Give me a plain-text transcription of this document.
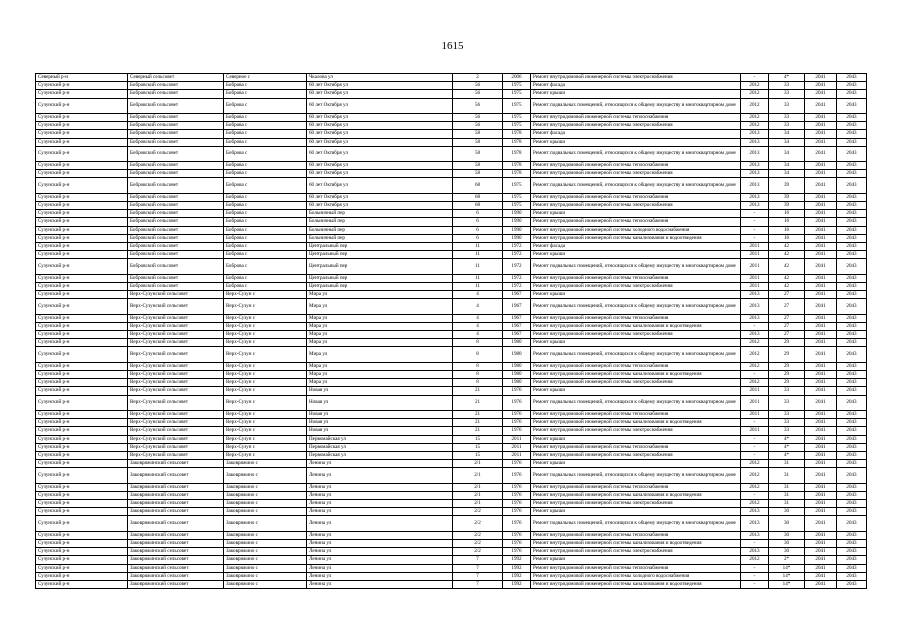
1615
Северный р-н	Северный сельсовет	Северное с	Чкалова ул	2	2006	Ремонт внутридомовой инженерной системы электроснабжения	-	4*	2041	2043
Сузунский р-н	Бобровский сельсовет	Боброва с	60 лет Октября ул	56	1975	Ремонт фасада	2012	33	2041	2043
Сузунский р-н	Бобровский сельсовет	Боброва с	60 лет Октября ул	56	1975	Ремонт крыши	2012	33	2041	2043
Сузунский р-н	Бобровский сельсовет	Боброва с	60 лет Октября ул	56	1975	Ремонт подвальных помещений, относящихся к общему имуществу в многоквартирном доме	2012	33	2041	2043
Сузунский р-н	Бобровский сельсовет	Боброва с	60 лет Октября ул	56	1975	Ремонт внутридомовой инженерной системы теплоснабжения	2012	33	2041	2043
Сузунский р-н	Бобровский сельсовет	Боброва с	60 лет Октября ул	56	1975	Ремонт внутридомовой инженерной системы электроснабжения	2012	33	2041	2043
Сузунский р-н	Бобровский сельсовет	Боброва с	60 лет Октября ул	58	1978	Ремонт фасада	2013	34	2041	2043
Сузунский р-н	Бобровский сельсовет	Боброва с	60 лет Октября ул	58	1978	Ремонт крыши	2013	34	2041	2043
Сузунский р-н	Бобровский сельсовет	Боброва с	60 лет Октября ул	58	1978	Ремонт подвальных помещений, относящихся к общему имуществу в многоквартирном доме	2013	34	2041	2043
Сузунский р-н	Бобровский сельсовет	Боброва с	60 лет Октября ул	58	1978	Ремонт внутридомовой инженерной системы теплоснабжения	2013	34	2041	2043
Сузунский р-н	Бобровский сельсовет	Боброва с	60 лет Октября ул	58	1978	Ремонт внутридомовой инженерной системы электроснабжения	2013	34	2041	2043
Сузунский р-н	Бобровский сельсовет	Боброва с	60 лет Октября ул	68	1975	Ремонт подвальных помещений, относящихся к общему имуществу в многоквартирном доме	2013	39	2041	2043
Сузунский р-н	Бобровский сельсовет	Боброва с	60 лет Октября ул	68	1975	Ремонт внутридомовой инженерной системы теплоснабжения	2013	39	2041	2043
Сузунский р-н	Бобровский сельсовет	Боброва с	60 лет Октября ул	68	1975	Ремонт внутридомовой инженерной системы электроснабжения	2013	39	2041	2043
Сузунский р-н	Бобровский сельсовет	Боброва с	Больничный пер	6	1990	Ремонт крыши	-	16	2041	2043
Сузунский р-н	Бобровский сельсовет	Боброва с	Больничный пер	6	1990	Ремонт внутридомовой инженерной системы теплоснабжения	-	16	2041	2043
Сузунский р-н	Бобровский сельсовет	Боброва с	Больничный пер	6	1990	Ремонт внутридомовой инженерной системы холодного водоснабжения	-	16	2041	2043
Сузунский р-н	Бобровский сельсовет	Боброва с	Больничный пер	6	1990	Ремонт внутридомовой инженерной системы канализования и водоотведения	-	16	2041	2043
Сузунский р-н	Бобровский сельсовет	Боброва с	Центральный пер	11	1972	Ремонт фасада	2011	42	2041	2043
Сузунский р-н	Бобровский сельсовет	Боброва с	Центральный пер	11	1972	Ремонт крыши	2011	42	2041	2043
Сузунский р-н	Бобровский сельсовет	Боброва с	Центральный пер	11	1972	Ремонт подвальных помещений, относящихся к общему имуществу в многоквартирном доме	2011	42	2041	2043
Сузунский р-н	Бобровский сельсовет	Боброва с	Центральный пер	11	1972	Ремонт внутридомовой инженерной системы теплоснабжения	2011	42	2041	2043
Сузунский р-н	Бобровский сельсовет	Боброва с	Центральный пер	11	1972	Ремонт внутридомовой инженерной системы электроснабжения	2011	42	2041	2043
Сузунский р-н	Верх-Сузунский сельсовет	Верх-Сузун с	Мира ул	4	1967	Ремонт крыши	2013	27	2041	2043
Сузунский р-н	Верх-Сузунский сельсовет	Верх-Сузун с	Мира ул	4	1967	Ремонт подвальных помещений, относящихся к общему имуществу в многоквартирном доме	2013	27	2041	2043
Сузунский р-н	Верх-Сузунский сельсовет	Верх-Сузун с	Мира ул	4	1967	Ремонт внутридомовой инженерной системы теплоснабжения	2013	27	2041	2043
Сузунский р-н	Верх-Сузунский сельсовет	Верх-Сузун с	Мира ул	4	1967	Ремонт внутридомовой инженерной системы канализования и водоотведения	-	27	2041	2043
Сузунский р-н	Верх-Сузунский сельсовет	Верх-Сузун с	Мира ул	4	1967	Ремонт внутридомовой инженерной системы электроснабжения	2013	27	2041	2043
Сузунский р-н	Верх-Сузунский сельсовет	Верх-Сузун с	Мира ул	8	1980	Ремонт крыши	2012	29	2041	2043
Сузунский р-н	Верх-Сузунский сельсовет	Верх-Сузун с	Мира ул	8	1980	Ремонт подвальных помещений, относящихся к общему имуществу в многоквартирном доме	2012	29	2041	2043
Сузунский р-н	Верх-Сузунский сельсовет	Верх-Сузун с	Мира ул	8	1980	Ремонт внутридомовой инженерной системы теплоснабжения	2012	29	2041	2043
Сузунский р-н	Верх-Сузунский сельсовет	Верх-Сузун с	Мира ул	8	1980	Ремонт внутридомовой инженерной системы канализования и водоотведения	-	29	2041	2043
Сузунский р-н	Верх-Сузунский сельсовет	Верх-Сузун с	Мира ул	8	1980	Ремонт внутридомовой инженерной системы электроснабжения	2012	29	2041	2043
Сузунский р-н	Верх-Сузунский сельсовет	Верх-Сузун с	Новая ул	21	1976	Ремонт крыши	2011	33	2041	2043
Сузунский р-н	Верх-Сузунский сельсовет	Верх-Сузун с	Новая ул	21	1976	Ремонт подвальных помещений, относящихся к общему имуществу в многоквартирном доме	2011	33	2041	2043
Сузунский р-н	Верх-Сузунский сельсовет	Верх-Сузун с	Новая ул	21	1976	Ремонт внутридомовой инженерной системы теплоснабжения	2011	33	2041	2043
Сузунский р-н	Верх-Сузунский сельсовет	Верх-Сузун с	Новая ул	21	1976	Ремонт внутридомовой инженерной системы канализования и водоотведения	-	33	2041	2043
Сузунский р-н	Верх-Сузунский сельсовет	Верх-Сузун с	Новая ул	21	1976	Ремонт внутридомовой инженерной системы электроснабжения	2011	33	2041	2043
Сузунский р-н	Верх-Сузунский сельсовет	Верх-Сузун с	Первомайская ул	15	2011	Ремонт крыши	-	4*	2041	2043
Сузунский р-н	Верх-Сузунский сельсовет	Верх-Сузун с	Первомайская ул	15	2011	Ремонт внутридомовой инженерной системы теплоснабжения	-	4*	2041	2043
Сузунский р-н	Верх-Сузунский сельсовет	Верх-Сузун с	Первомайская ул	15	2011	Ремонт внутридомовой инженерной системы электроснабжения	-	4*	2041	2043
Сузунский р-н	Заковряжинский сельсовет	Заковряжино с	Ленина ул	2/1	1976	Ремонт крыши	2012	31	2041	2043
Сузунский р-н	Заковряжинский сельсовет	Заковряжино с	Ленина ул	2/1	1976	Ремонт подвальных помещений, относящихся к общему имуществу в многоквартирном доме	2012	31	2041	2043
Сузунский р-н	Заковряжинский сельсовет	Заковряжино с	Ленина ул	2/1	1976	Ремонт внутридомовой инженерной системы теплоснабжения	2012	31	2041	2043
Сузунский р-н	Заковряжинский сельсовет	Заковряжино с	Ленина ул	2/1	1976	Ремонт внутридомовой инженерной системы канализования и водоотведения	-	31	2041	2043
Сузунский р-н	Заковряжинский сельсовет	Заковряжино с	Ленина ул	2/1	1976	Ремонт внутридомовой инженерной системы электроснабжения	2012	31	2041	2043
Сузунский р-н	Заковряжинский сельсовет	Заковряжино с	Ленина ул	2/2	1976	Ремонт крыши	2013	30	2041	2043
Сузунский р-н	Заковряжинский сельсовет	Заковряжино с	Ленина ул	2/2	1976	Ремонт подвальных помещений, относящихся к общему имуществу в многоквартирном доме	2013	30	2041	2043
Сузунский р-н	Заковряжинский сельсовет	Заковряжино с	Ленина ул	2/2	1976	Ремонт внутридомовой инженерной системы теплоснабжения	2013	30	2041	2043
Сузунский р-н	Заковряжинский сельсовет	Заковряжино с	Ленина ул	2/2	1976	Ремонт внутридомовой инженерной системы канализования и водоотведения	-	30	2041	2043
Сузунский р-н	Заковряжинский сельсовет	Заковряжино с	Ленина ул	2/2	1976	Ремонт внутридомовой инженерной системы электроснабжения	2013	30	2041	2043
Сузунский р-н	Заковряжинский сельсовет	Заковряжино с	Ленина ул	7	1992	Ремонт крыши	2012	2*	2041	2043
Сузунский р-н	Заковряжинский сельсовет	Заковряжино с	Ленина ул	7	1992	Ремонт внутридомовой инженерной системы теплоснабжения	-	14*	2041	2043
Сузунский р-н	Заковряжинский сельсовет	Заковряжино с	Ленина ул	7	1992	Ремонт внутридомовой инженерной системы холодного водоснабжения	-	14*	2041	2043
Сузунский р-н	Заковряжинский сельсовет	Заковряжино с	Ленина ул	7	1992	Ремонт внутридомовой инженерной системы канализования и водоотведения	-	14*	2041	2043
